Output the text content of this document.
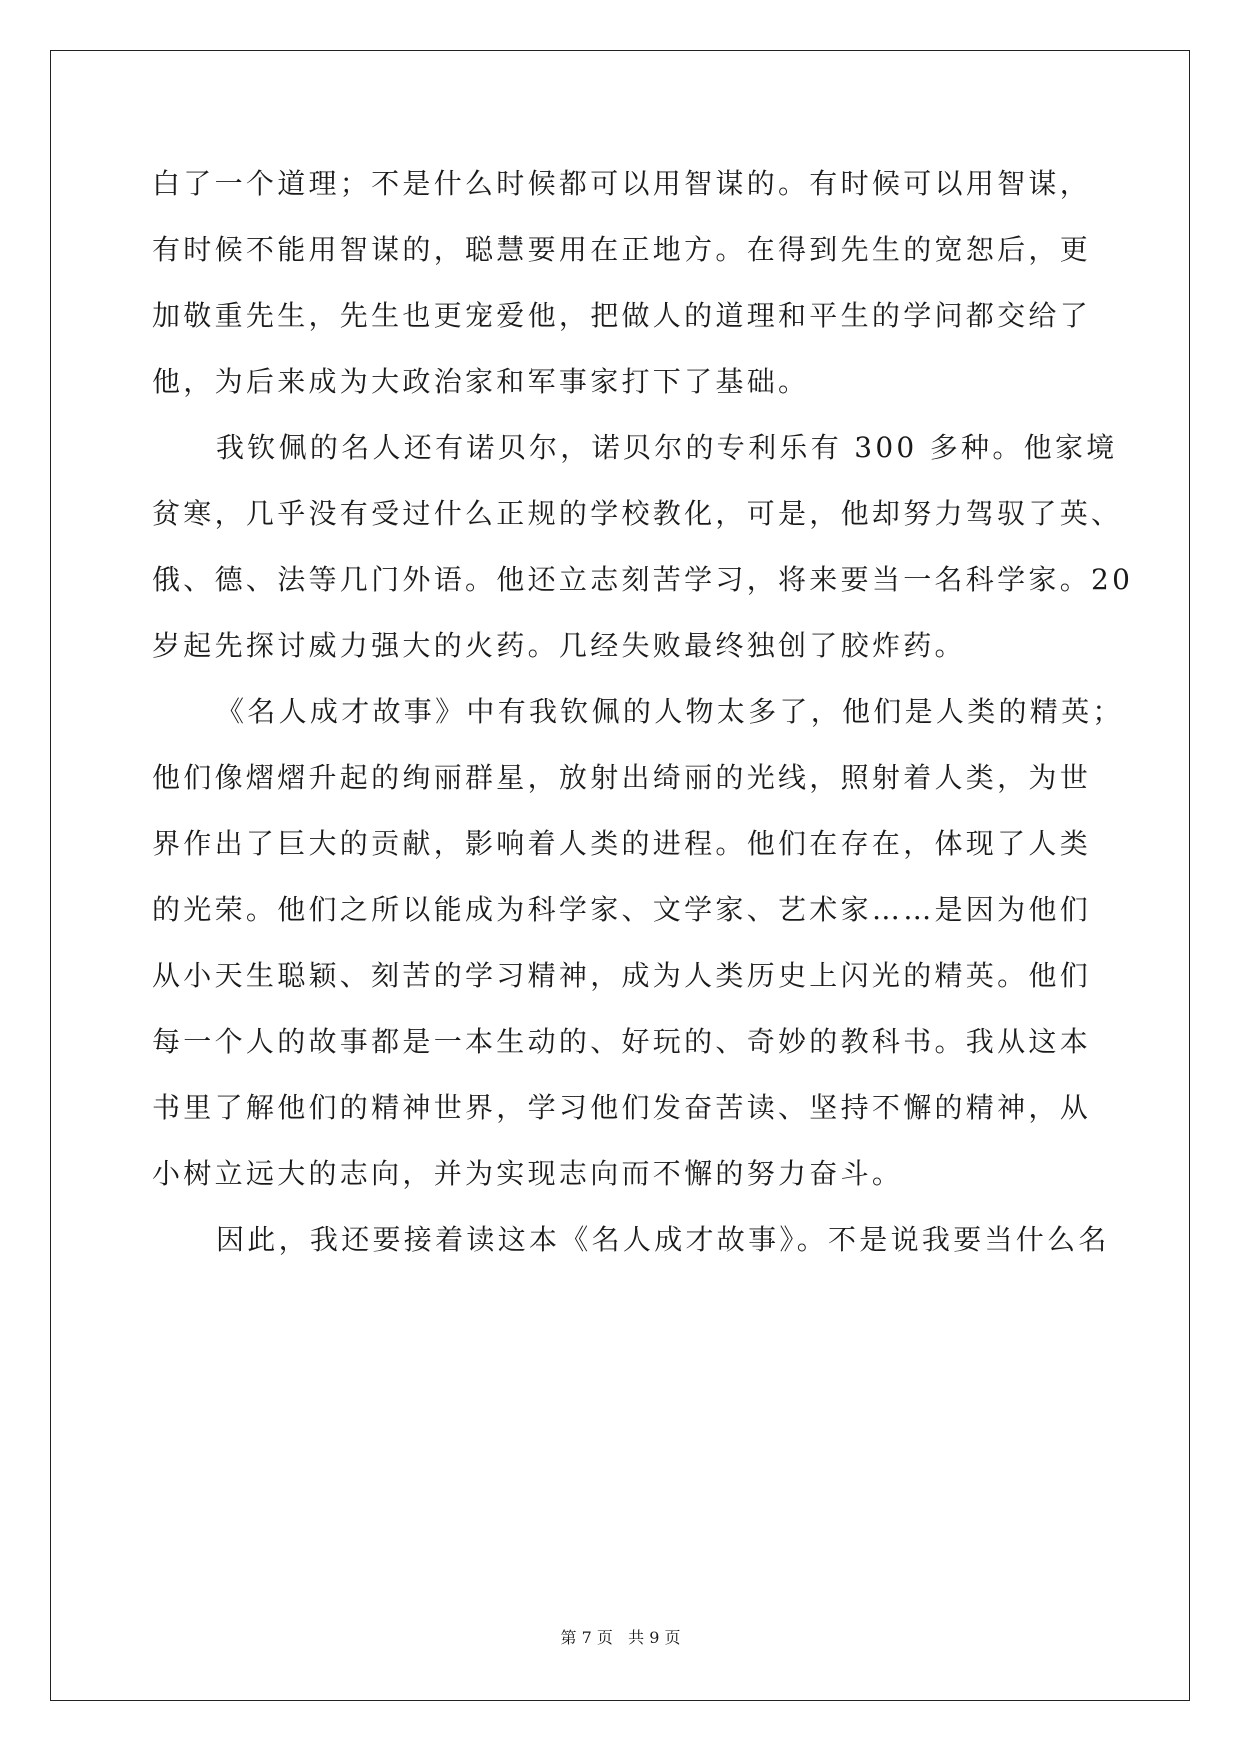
白了一个道理；不是什么时候都可以用智谋的。有时候可以用智谋，
有时候不能用智谋的，聪慧要用在正地方。在得到先生的宽恕后，更
加敬重先生，先生也更宠爱他，把做人的道理和平生的学问都交给了
他，为后来成为大政治家和军事家打下了基础。
我钦佩的名人还有诺贝尔，诺贝尔的专利乐有 300 多种。他家境
贫寒，几乎没有受过什么正规的学校教化，可是，他却努力驾驭了英、
俄、德、法等几门外语。他还立志刻苦学习，将来要当一名科学家。20
岁起先探讨威力强大的火药。几经失败最终独创了胶炸药。
《名人成才故事》中有我钦佩的人物太多了，他们是人类的精英；
他们像熠熠升起的绚丽群星，放射出绮丽的光线，照射着人类，为世
界作出了巨大的贡献，影响着人类的进程。他们在存在，体现了人类
的光荣。他们之所以能成为科学家、文学家、艺术家……是因为他们
从小天生聪颖、刻苦的学习精神，成为人类历史上闪光的精英。他们
每一个人的故事都是一本生动的、好玩的、奇妙的教科书。我从这本
书里了解他们的精神世界，学习他们发奋苦读、坚持不懈的精神，从
小树立远大的志向，并为实现志向而不懈的努力奋斗。
因此，我还要接着读这本《名人成才故事》。不是说我要当什么名
第 7 页   共 9 页
